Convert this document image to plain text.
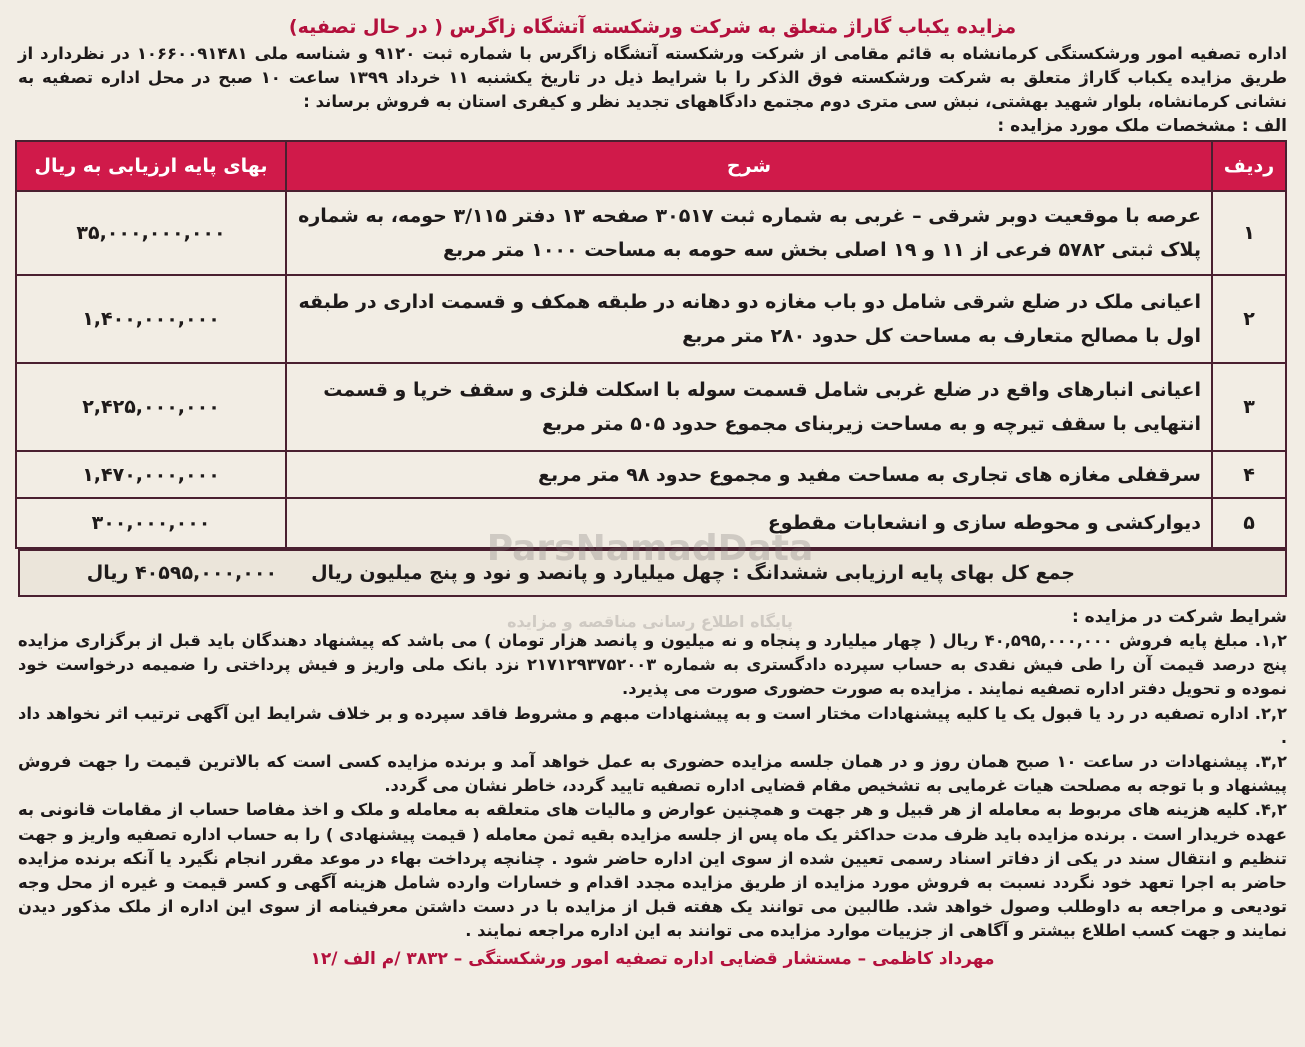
مزایده یکباب گاراژ متعلق به شرکت ورشکسته آتشگاه زاگرس ( در حال تصفیه)
اداره تصفیه امور ورشکستگی کرمانشاه به قائم مقامی از شرکت ورشکسته آتشگاه زاگرس با شماره ثبت ۹۱۲۰ و شناسه ملی ۱۰۶۶۰۰۹۱۴۸۱ در نظردارد از طریق مزایده یکباب گاراژ متعلق به شرکت ورشکسته فوق الذکر را با شرایط ذیل در تاریخ یکشنبه ۱۱ خرداد ۱۳۹۹ ساعت ۱۰ صبح در محل اداره تصفیه به نشانی کرمانشاه، بلوار شهید بهشتی، نبش سی متری دوم مجتمع دادگاههای تجدید نظر و کیفری استان به فروش برساند :
الف : مشخصات ملک مورد مزایده :
ردیف	شرح	بهای پایه ارزیابی به ریال
۱	عرصه با موقعیت دوبر شرقی – غربی به شماره ثبت ۳۰۵۱۷ صفحه ۱۳ دفتر ۳/۱۱۵ حومه، به شماره پلاک ثبتی ۵۷۸۲ فرعی از ۱۱ و ۱۹ اصلی بخش سه حومه به مساحت ۱۰۰۰ متر مربع	۳۵,۰۰۰,۰۰۰,۰۰۰
۲	اعیانی ملک در ضلع شرقی شامل دو باب مغازه دو دهانه در طبقه همکف و قسمت اداری در طبقه اول با مصالح متعارف به مساحت کل حدود ۲۸۰ متر مربع	۱,۴۰۰,۰۰۰,۰۰۰
۳	اعیانی انبارهای واقع در ضلع غربی شامل قسمت سوله با اسکلت فلزی و سقف خرپا و قسمت انتهایی با سقف تیرچه و به مساحت زیربنای مجموع حدود ۵۰۵ متر مربع	۲,۴۲۵,۰۰۰,۰۰۰
۴	سرقفلی مغازه های تجاری به مساحت مفید و مجموع حدود ۹۸ متر مربع	۱,۴۷۰,۰۰۰,۰۰۰
۵	دیوارکشی و محوطه سازی و انشعابات مقطوع	۳۰۰,۰۰۰,۰۰۰
جمع کل بهای پایه ارزیابی ششدانگ : چهل میلیارد و پانصد و نود و پنج میلیون ریال
۴۰۵۹۵,۰۰۰,۰۰۰ ریال
شرایط شرکت در مزایده :
۱,۲. مبلغ پایه فروش ۴۰,۵۹۵,۰۰۰,۰۰۰ ریال ( چهار میلیارد و پنجاه و نه میلیون و پانصد هزار تومان ) می باشد که پیشنهاد دهندگان باید قبل از برگزاری مزایده پنج درصد قیمت آن را طی فیش نقدی به حساب سپرده دادگستری به شماره ۲۱۷۱۲۹۳۷۵۲۰۰۳ نزد بانک ملی واریز و فیش پرداختی را ضمیمه درخواست خود نموده و تحویل دفتر اداره تصفیه نمایند . مزایده به صورت حضوری صورت می پذیرد.
۲,۲. اداره تصفیه در رد یا قبول یک یا کلیه پیشنهادات مختار است و به پیشنهادات مبهم و مشروط فاقد سپرده و بر خلاف شرایط این آگهی ترتیب اثر نخواهد داد .
۳,۲. پیشنهادات در ساعت ۱۰ صبح همان روز و در همان جلسه مزایده حضوری به عمل خواهد آمد و برنده مزایده کسی است که بالاترین قیمت را جهت فروش پیشنهاد و با توجه به مصلحت هیات غرمایی به تشخیص مقام قضایی اداره تصفیه تایید گردد، خاطر نشان می گردد.
۴,۲. کلیه هزینه های مربوط به معامله از هر قبیل و هر جهت و همچنین عوارض و مالیات های متعلقه به معامله و ملک و اخذ مفاصا حساب از مقامات قانونی به عهده خریدار است . برنده مزایده باید ظرف مدت حداکثر یک ماه پس از جلسه مزایده بقیه ثمن معامله ( قیمت پیشنهادی ) را به حساب اداره تصفیه واریز و جهت تنظیم و انتقال سند در یکی از دفاتر اسناد رسمی تعیین شده از سوی این اداره حاضر شود . چنانچه پرداخت بهاء در موعد مقرر انجام نگیرد یا آنکه برنده مزایده حاضر به اجرا تعهد خود نگردد نسبت به فروش مورد مزایده از طریق مزایده مجدد اقدام و خسارات وارده شامل هزینه آگهی و کسر قیمت و غیره از محل وجه تودیعی و مراجعه به داوطلب وصول خواهد شد. طالبین می توانند یک هفته قبل از مزایده با در دست داشتن معرفینامه از سوی این اداره از ملک مذکور دیدن نمایند و جهت کسب اطلاع بیشتر و آگاهی از جزییات موارد مزایده می توانند به این اداره مراجعه نمایند .
مهرداد کاظمی – مستشار قضایی اداره تصفیه امور ورشکستگی – ۳۸۳۲ /م الف /۱۲
ParsNamadData
پایگاه اطلاع رسانی مناقصه و مزایده
